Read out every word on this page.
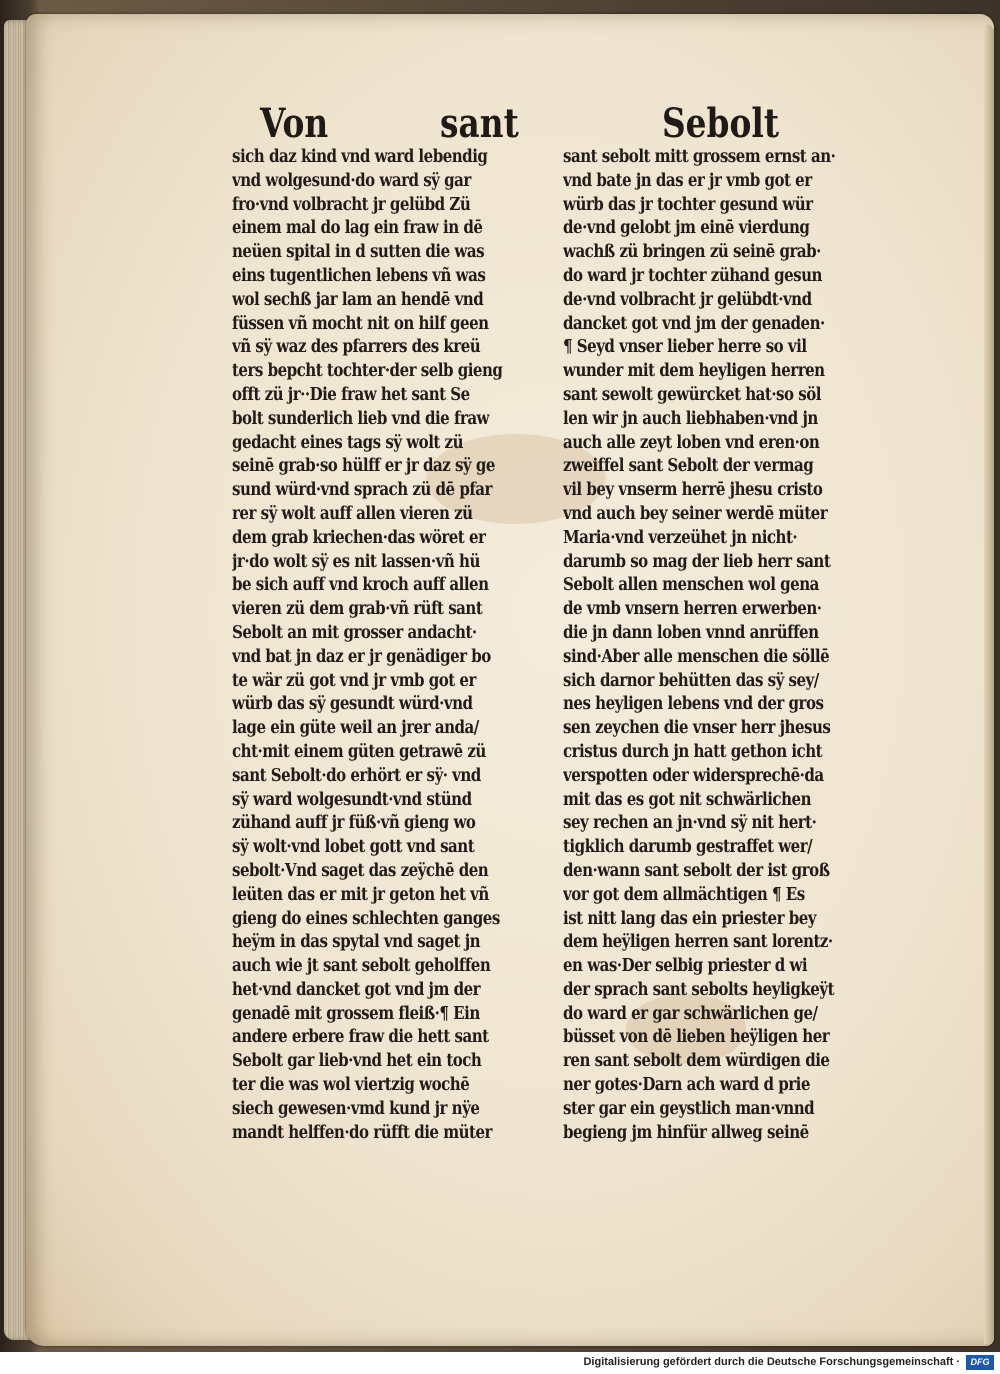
Von	sant	Sebolt
sich daz kind vnd ward lebendig
vnd wolgesund·do ward sÿ gar
fro·vnd volbracht jr gelübd Zü
einem mal do lag ein fraw in dē
neüen spital in d sutten die was
eins tugentlichen lebens vñ was
wol sechß jar lam an hendē vnd
füssen vñ mocht nit on hilf geen
vñ sÿ waz des pfarrers des kreü
ters bepcht tochter·der selb gieng
offt zü jr··Die fraw het sant Se
bolt sunderlich lieb vnd die fraw
gedacht eines tags sÿ wolt zü
seinē grab·so hülff er jr daz sÿ ge
sund würd·vnd sprach zü dē pfar
rer sÿ wolt auff allen vieren zü
dem grab kriechen·das wöret er
jr·do wolt sÿ es nit lassen·vñ hü
be sich auff vnd kroch auff allen
vieren zü dem grab·vñ rüft sant
Sebolt an mit grosser andacht·
vnd bat jn daz er jr genädiger bo
te wär zü got vnd jr vmb got er
würb das sÿ gesundt würd·vnd
lage ein güte weil an jrer anda/
cht·mit einem güten getrawē zü
sant Sebolt·do erhört er sÿ· vnd
sÿ ward wolgesundt·vnd stünd
zühand auff jr füß·vñ gieng wo
sÿ wolt·vnd lobet gott vnd sant
sebolt·Vnd saget das zeÿchē den
leüten das er mit jr geton het vñ
gieng do eines schlechten ganges
heÿm in das spytal vnd saget jn
auch wie jt sant sebolt geholffen
het·vnd dancket got vnd jm der
genadē mit grossem fleiß·¶ Ein
andere erbere fraw die hett sant
Sebolt gar lieb·vnd het ein toch
ter die was wol viertzig wochē
siech gewesen·vmd kund jr nÿe
mandt helffen·do rüfft die müter
sant sebolt mitt grossem ernst an·
vnd bate jn das er jr vmb got er
würb das jr tochter gesund wür
de·vnd gelobt jm einē vierdung
wachß zü bringen zü seinē grab·
do ward jr tochter zühand gesun
de·vnd volbracht jr gelübdt·vnd
dancket got vnd jm der genaden·
¶ Seyd vnser lieber herre so vil
wunder mit dem heyligen herren
sant sewolt gewürcket hat·so söl
len wir jn auch liebhaben·vnd jn
auch alle zeyt loben vnd eren·on
zweiffel sant Sebolt der vermag
vil bey vnserm herrē jhesu cristo
vnd auch bey seiner werdē müter
Maria·vnd verzeühet jn nicht·
darumb so mag der lieb herr sant
Sebolt allen menschen wol gena
de vmb vnsern herren erwerben·
die jn dann loben vnnd anrüffen
sind·Aber alle menschen die söllē
sich darnor behütten das sÿ sey/
nes heyligen lebens vnd der gros
sen zeychen die vnser herr jhesus
cristus durch jn hatt gethon icht
verspotten oder widersprechē·da
mit das es got nit schwärlichen
sey rechen an jn·vnd sÿ nit hert·
tigklich darumb gestraffet wer/
den·wann sant sebolt der ist groß
vor got dem allmächtigen ¶ Es
ist nitt lang das ein priester bey
dem heÿligen herren sant lorentz·
en was·Der selbig priester d wi
der sprach sant sebolts heyligkeÿt
do ward er gar schwärlichen ge/
büsset von dē lieben heÿligen her
ren sant sebolt dem würdigen die
ner gotes·Darn ach ward d prie
ster gar ein geystlich man·vnnd
begieng jm hinfür allweg seinē
Digitalisierung gefördert durch die Deutsche Forschungsgemeinschaft ·	DFG
